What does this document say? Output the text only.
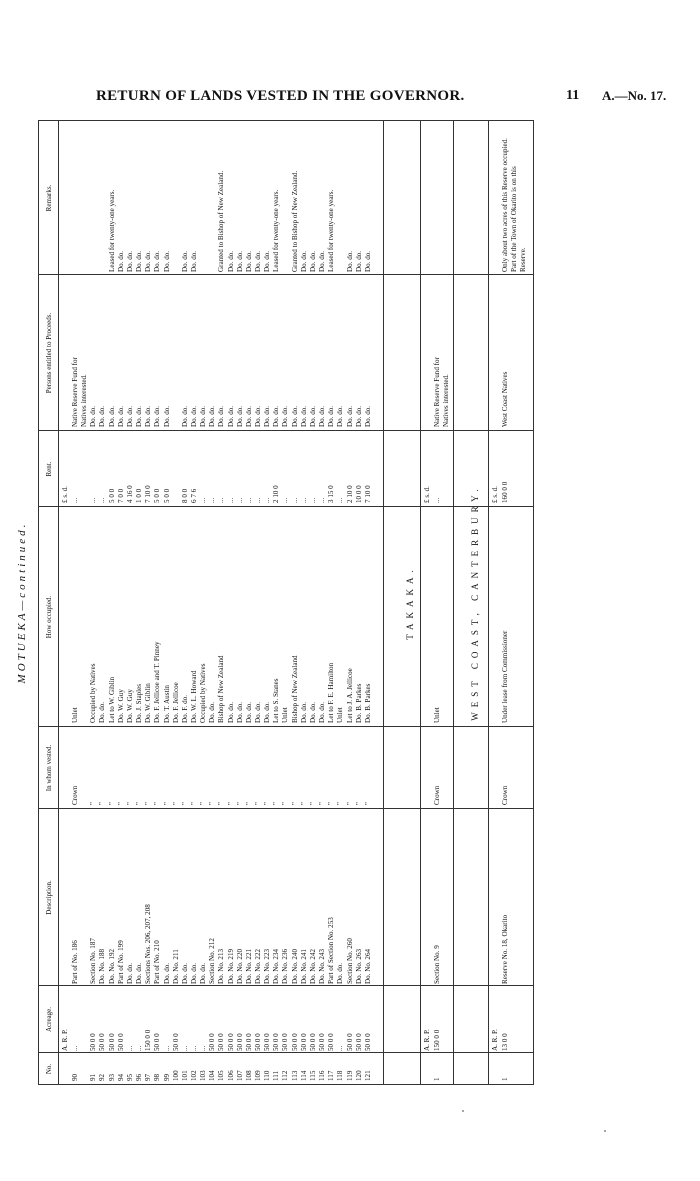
RETURN OF LANDS VESTED IN THE GOVERNOR.	11 A.—No. 17.
MOTUEKA—continued.
No.
Acreage.
Description.
In whom vested.
How occupied.
Rent.
Persons entitled to Proceeds.
Remarks.
A. R. P.
£ s. d.
90
...
Part of No. 186
Crown
Unlet
...
Native Reserve Fund for Natives interested.
91
50 0 0
Section No. 187
"
Occupied by Natives
...
Do. do.
92
50 0 0
Do. No. 188
"
Do. do.
...
Do. do.
93
50 0 0
Do. No. 192
"
Let to W. Giblin
5 0 0
Do. do.
Leased for twenty-one years.
94
50 0 0
Part of No. 199
"
Do. W. Guy
7 0 0
Do. do.
Do. do.
95
...
Do. do.
"
Do. W. Guy
4 16 0
Do. do.
Do. do.
96
...
Do. do.
"
Do. J. Staples
1 0 0
Do. do.
Do. do.
97
150 0 0
Sections Nos. 206, 207, 208
"
Do. W. Giblin
7 10 0
Do. do.
Do. do.
98
50 0 0
Part of No. 210
"
Do. F. Jellicoe and T. Pinney
5 0 0
Do. do.
Do. do.
99
...
Do. do.
"
Do. T. Austin
5 0 0
Do. do.
Do. do.
100
50 0 0
Do. No. 211
"
Do. F. Jellicoe
101
...
Do. do.
"
Do. F. do.
8 0 0
Do. do.
Do. do.
102
...
Do. do.
"
Do. W. L. Howard
6 7 6
Do. do.
Do. do.
103
...
Do. do.
"
Occupied by Natives
...
Do. do.
104
50 0 0
Section No. 212
"
Do. do.
...
Do. do.
105
50 0 0
Do. No. 213
"
Bishop of New Zealand
...
Do. do.
Granted to Bishop of New Zealand.
106
50 0 0
Do. No. 219
"
Do. do.
...
Do. do.
Do. do.
107
50 0 0
Do. No. 220
"
Do. do.
...
Do. do.
Do. do.
108
50 0 0
Do. No. 221
"
Do. do.
...
Do. do.
Do. do.
109
50 0 0
Do. No. 222
"
Do. do.
...
Do. do.
Do. do.
110
50 0 0
Do. No. 223
"
Do. do.
...
Do. do.
Do. do.
111
50 0 0
Do. No. 234
"
Let to S. Stanes
2 10 0
Do. do.
Leased for twenty-one years.
112
50 0 0
Do. No. 236
"
Unlet
...
Do. do.
113
50 0 0
Do. No. 240
"
Bishop of New Zealand
...
Do. do.
Granted to Bishop of New Zealand.
114
50 0 0
Do. No. 241
"
Do. do.
...
Do. do.
Do. do.
115
50 0 0
Do. No. 242
"
Do. do.
...
Do. do.
Do. do.
116
50 0 0
Do. No. 243
"
Do. do.
...
Do. do.
Do. do.
117
50 0 0
Part of Section No. 253
"
Let to F. E. Hamilton
3 15 0
Do. do.
Leased for twenty-one years.
118
...
Do. do.
"
Unlet
...
Do. do.
119
50 0 0
Section No. 260
"
Let to J. A. Jellicoe
2 10 0
Do. do.
Do. do.
120
50 0 0
Do. No. 263
"
Do. B. Parkes
10 0 0
Do. do.
Do. do.
121
50 0 0
Do. No. 264
"
Do. B. Parkes
7 10 0
Do. do.
Do. do.
TAKAKA.
A. R. P.
£ s. d.
1
150 0 0
Section No. 9
Crown
Unlet
...
Native Reserve Fund for Natives interested.
WEST COAST, CANTERBURY.
A. R. P.
£ s. d.
1
13 0 0
Reserve No. 18, Okarito
Crown
Under lease from Commissioner
160 0 0
West Coast Natives
Only about two acres of this Reserve occupied. Part of the Town of Okarito is on this Reserve.
